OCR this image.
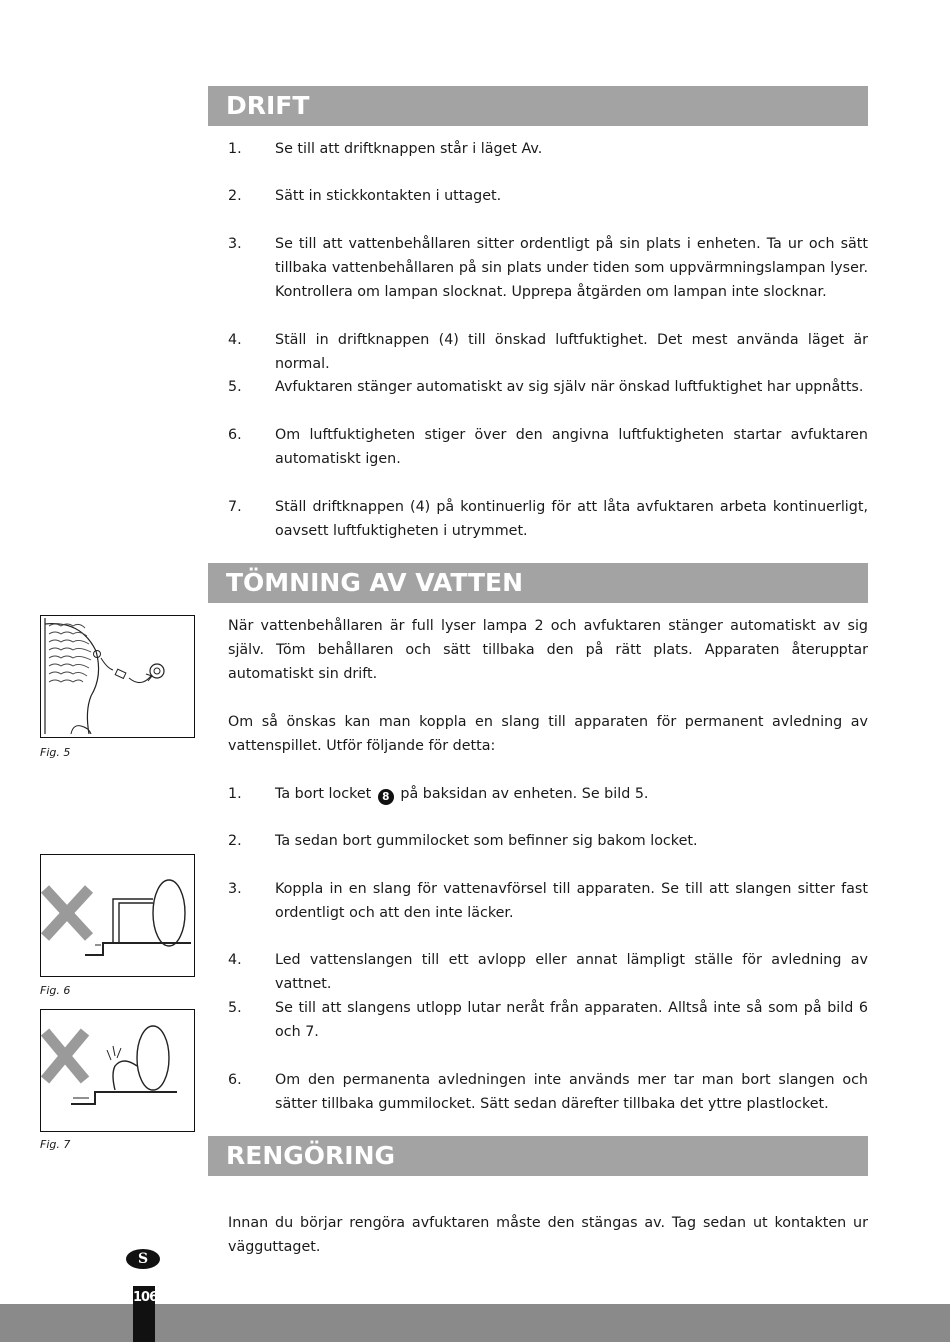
DRIFT
1. Se till att driftknappen står i läget Av.
2. Sätt in stickkontakten i uttaget.
3. Se till att vattenbehållaren sitter ordentligt på sin plats i enheten. Ta ur och sätt tillbaka vattenbehållaren på sin plats under tiden som uppvärmningslampan lyser. Kontrollera om lampan slocknat. Upprepa åtgärden om lampan inte slocknar.
4. Ställ in driftknappen (4) till önskad luftfuktighet. Det mest använda läget är normal.
5. Avfuktaren stänger automatiskt av sig själv när önskad luftfuktighet har uppnåtts.
6. Om luftfuktigheten stiger över den angivna luftfuktigheten startar avfuktaren automatiskt igen.
7. Ställ driftknappen (4) på kontinuerlig för att låta avfuktaren arbeta kontinuerligt, oavsett luftfuktigheten i utrymmet.
TÖMNING AV VATTEN
När vattenbehållaren är full lyser lampa 2 och avfuktaren stänger automatiskt av sig själv. Töm behållaren och sätt tillbaka den på rätt plats. Apparaten återupptar automatiskt sin drift.
Om så önskas kan man koppla en slang till apparaten för permanent avledning av vattenspillet. Utför följande för detta:
1. Ta bort locket 8 på baksidan av enheten. Se bild 5.
2. Ta sedan bort gummilocket som befinner sig bakom locket.
3. Koppla in en slang för vattenavförsel till apparaten. Se till att slangen sitter fast ordentligt och att den inte läcker.
4. Led vattenslangen till ett avlopp eller annat lämpligt ställe för avledning av vattnet.
5. Se till att slangens utlopp lutar neråt från apparaten. Alltså inte så som på bild 6 och 7.
6. Om den permanenta avledningen inte används mer tar man bort slangen och sätter tillbaka gummilocket. Sätt sedan därefter tillbaka det yttre plastlocket.
Fig. 5
Fig. 6
Fig. 7	RENGÖRING
Innan du börjar rengöra avfuktaren måste den stängas av. Tag sedan ut kontakten ur vägguttaget.
S
106
